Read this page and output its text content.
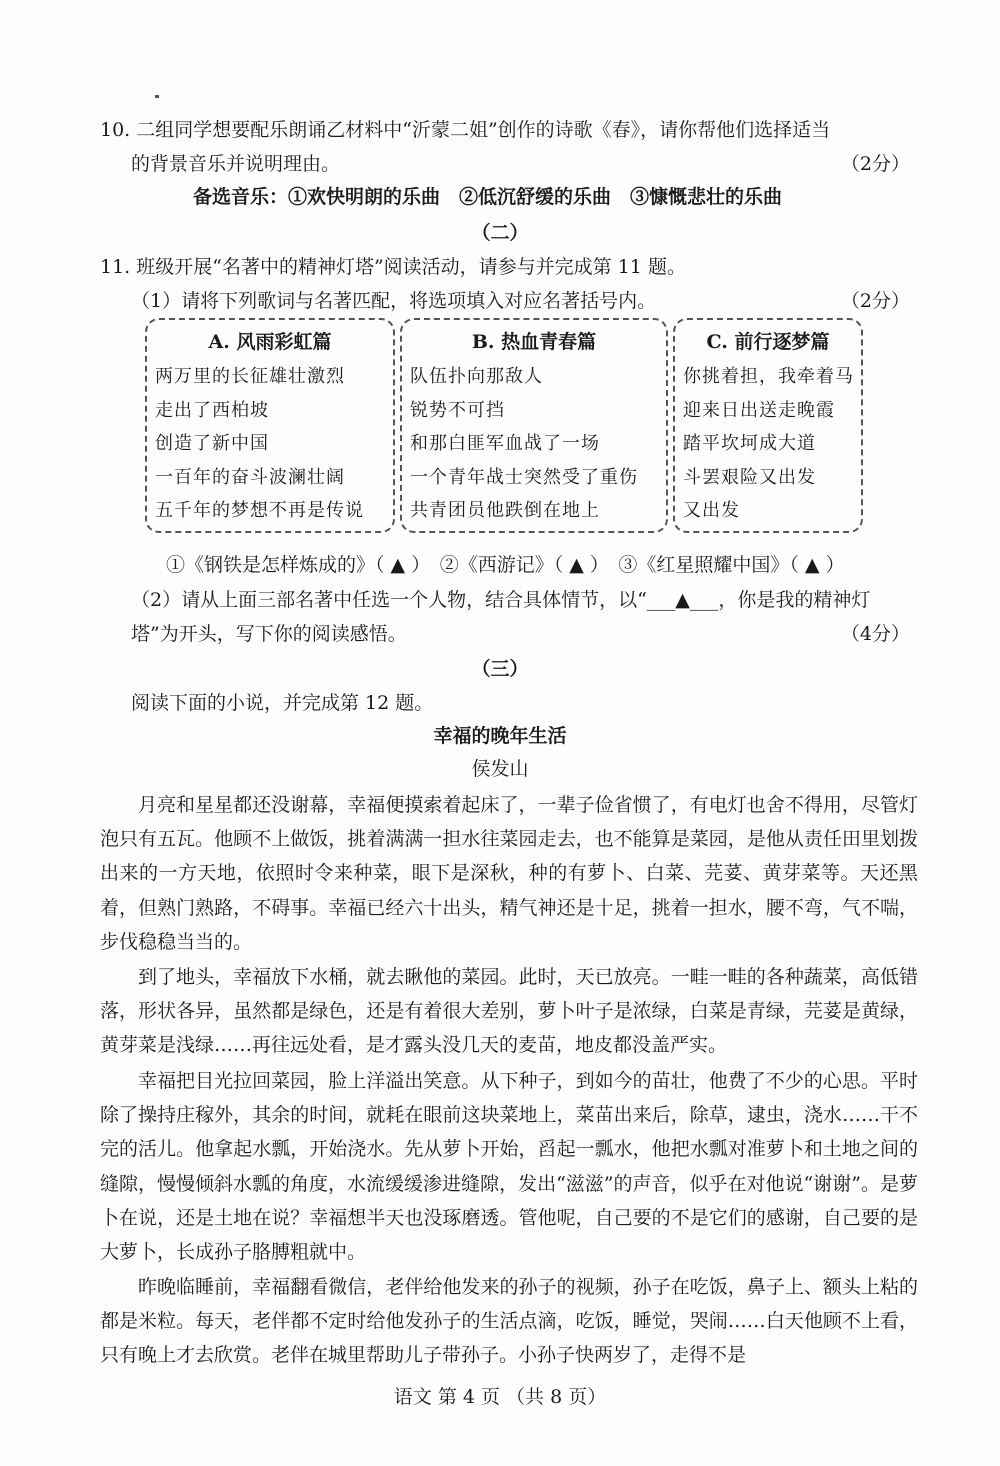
10. 二组同学想要配乐朗诵乙材料中“沂蒙二姐”创作的诗歌《春》，请你帮他们选择适当
的背景音乐并说明理由。	（2分）
备选音乐：①欢快明朗的乐曲　②低沉舒缓的乐曲　③慷慨悲壮的乐曲
（二）
11. 班级开展“名著中的精神灯塔”阅读活动，请参与并完成第 11 题。
（1）请将下列歌词与名著匹配，将选项填入对应名著括号内。	（2分）
A. 风雨彩虹篇
两万里的长征雄壮激烈
走出了西柏坡
创造了新中国
一百年的奋斗波澜壮阔
五千年的梦想不再是传说
B. 热血青春篇
队伍扑向那敌人
锐势不可挡
和那白匪军血战了一场
一个青年战士突然受了重伤
共青团员他跌倒在地上
C. 前行逐梦篇
你挑着担，我牵着马
迎来日出送走晚霞
踏平坎坷成大道
斗罢艰险又出发
又出发
①《钢铁是怎样炼成的》（ ▲ ）　②《西游记》（ ▲ ）　③《红星照耀中国》（ ▲ ）
（2）请从上面三部名著中任选一个人物，结合具体情节，以“___▲___，你是我的精神灯
塔”为开头，写下你的阅读感悟。	（4分）
（三）
阅读下面的小说，并完成第 12 题。
幸福的晚年生活
侯发山

月亮和星星都还没谢幕，幸福便摸索着起床了，一辈子俭省惯了，有电灯也舍不得用，尽管灯泡只有五瓦。他顾不上做饭，挑着满满一担水往菜园走去，也不能算是菜园，是他从责任田里划拨出来的一方天地，依照时令来种菜，眼下是深秋，种的有萝卜、白菜、芫荽、黄芽菜等。天还黑着，但熟门熟路，不碍事。幸福已经六十出头，精气神还是十足，挑着一担水，腰不弯，气不喘，步伐稳稳当当的。

到了地头，幸福放下水桶，就去瞅他的菜园。此时，天已放亮。一畦一畦的各种蔬菜，高低错落，形状各异，虽然都是绿色，还是有着很大差别，萝卜叶子是浓绿，白菜是青绿，芫荽是黄绿，黄芽菜是浅绿……再往远处看，是才露头没几天的麦苗，地皮都没盖严实。

幸福把目光拉回菜园，脸上洋溢出笑意。从下种子，到如今的苗壮，他费了不少的心思。平时除了操持庄稼外，其余的时间，就耗在眼前这块菜地上，菜苗出来后，除草，逮虫，浇水……干不完的活儿。他拿起水瓢，开始浇水。先从萝卜开始，舀起一瓢水，他把水瓢对准萝卜和土地之间的缝隙，慢慢倾斜水瓢的角度，水流缓缓渗进缝隙，发出“滋滋”的声音，似乎在对他说“谢谢”。是萝卜在说，还是土地在说？幸福想半天也没琢磨透。管他呢，自己要的不是它们的感谢，自己要的是大萝卜，长成孙子胳膊粗就中。

昨晚临睡前，幸福翻看微信，老伴给他发来的孙子的视频，孙子在吃饭，鼻子上、额头上粘的都是米粒。每天，老伴都不定时给他发孙子的生活点滴，吃饭，睡觉，哭闹……白天他顾不上看，只有晚上才去欣赏。老伴在城里帮助儿子带孙子。小孙子快两岁了，走得不是

语文 第 4 页 （共 8 页）
